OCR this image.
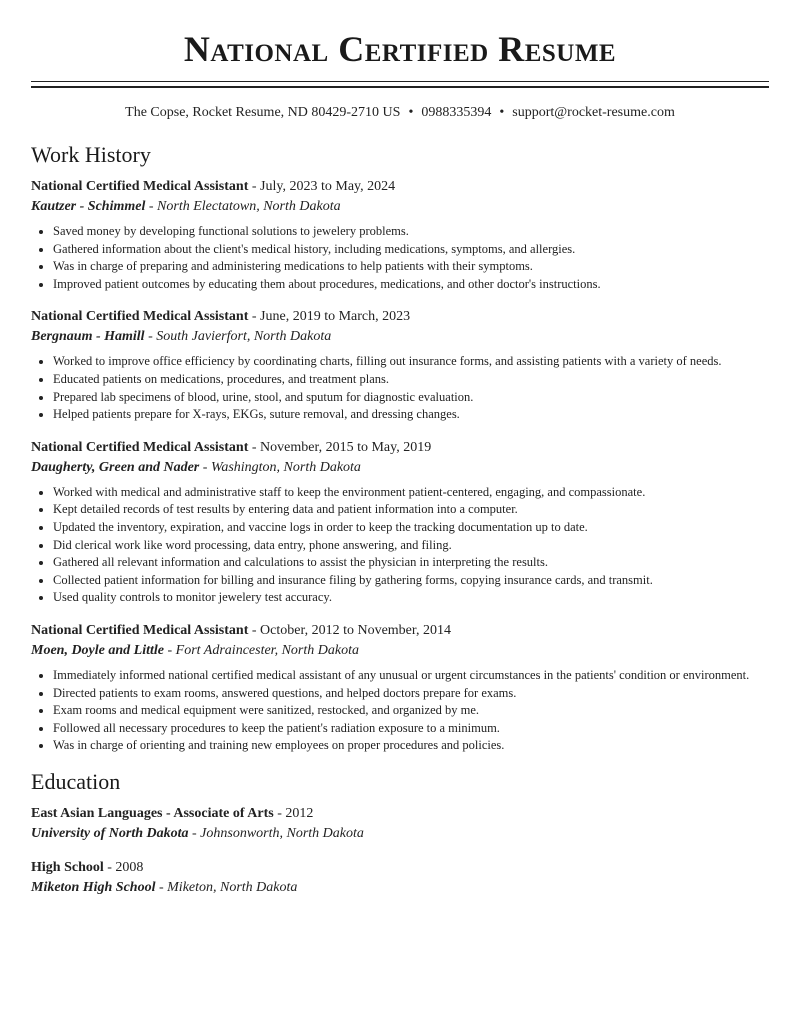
National Certified Resume
The Copse, Rocket Resume, ND 80429-2710 US • 0988335394 • support@rocket-resume.com
Work History
National Certified Medical Assistant - July, 2023 to May, 2024
Kautzer - Schimmel - North Electatown, North Dakota
• Saved money by developing functional solutions to jewelery problems.
• Gathered information about the client's medical history, including medications, symptoms, and allergies.
• Was in charge of preparing and administering medications to help patients with their symptoms.
• Improved patient outcomes by educating them about procedures, medications, and other doctor's instructions.
National Certified Medical Assistant - June, 2019 to March, 2023
Bergnaum - Hamill - South Javierfort, North Dakota
• Worked to improve office efficiency by coordinating charts, filling out insurance forms, and assisting patients with a variety of needs.
• Educated patients on medications, procedures, and treatment plans.
• Prepared lab specimens of blood, urine, stool, and sputum for diagnostic evaluation.
• Helped patients prepare for X-rays, EKGs, suture removal, and dressing changes.
National Certified Medical Assistant - November, 2015 to May, 2019
Daugherty, Green and Nader - Washington, North Dakota
• Worked with medical and administrative staff to keep the environment patient-centered, engaging, and compassionate.
• Kept detailed records of test results by entering data and patient information into a computer.
• Updated the inventory, expiration, and vaccine logs in order to keep the tracking documentation up to date.
• Did clerical work like word processing, data entry, phone answering, and filing.
• Gathered all relevant information and calculations to assist the physician in interpreting the results.
• Collected patient information for billing and insurance filing by gathering forms, copying insurance cards, and transmit.
• Used quality controls to monitor jewelery test accuracy.
National Certified Medical Assistant - October, 2012 to November, 2014
Moen, Doyle and Little - Fort Adraincester, North Dakota
• Immediately informed national certified medical assistant of any unusual or urgent circumstances in the patients' condition or environment.
• Directed patients to exam rooms, answered questions, and helped doctors prepare for exams.
• Exam rooms and medical equipment were sanitized, restocked, and organized by me.
• Followed all necessary procedures to keep the patient's radiation exposure to a minimum.
• Was in charge of orienting and training new employees on proper procedures and policies.
Education
East Asian Languages - Associate of Arts - 2012
University of North Dakota - Johnsonworth, North Dakota
High School - 2008
Miketon High School - Miketon, North Dakota
